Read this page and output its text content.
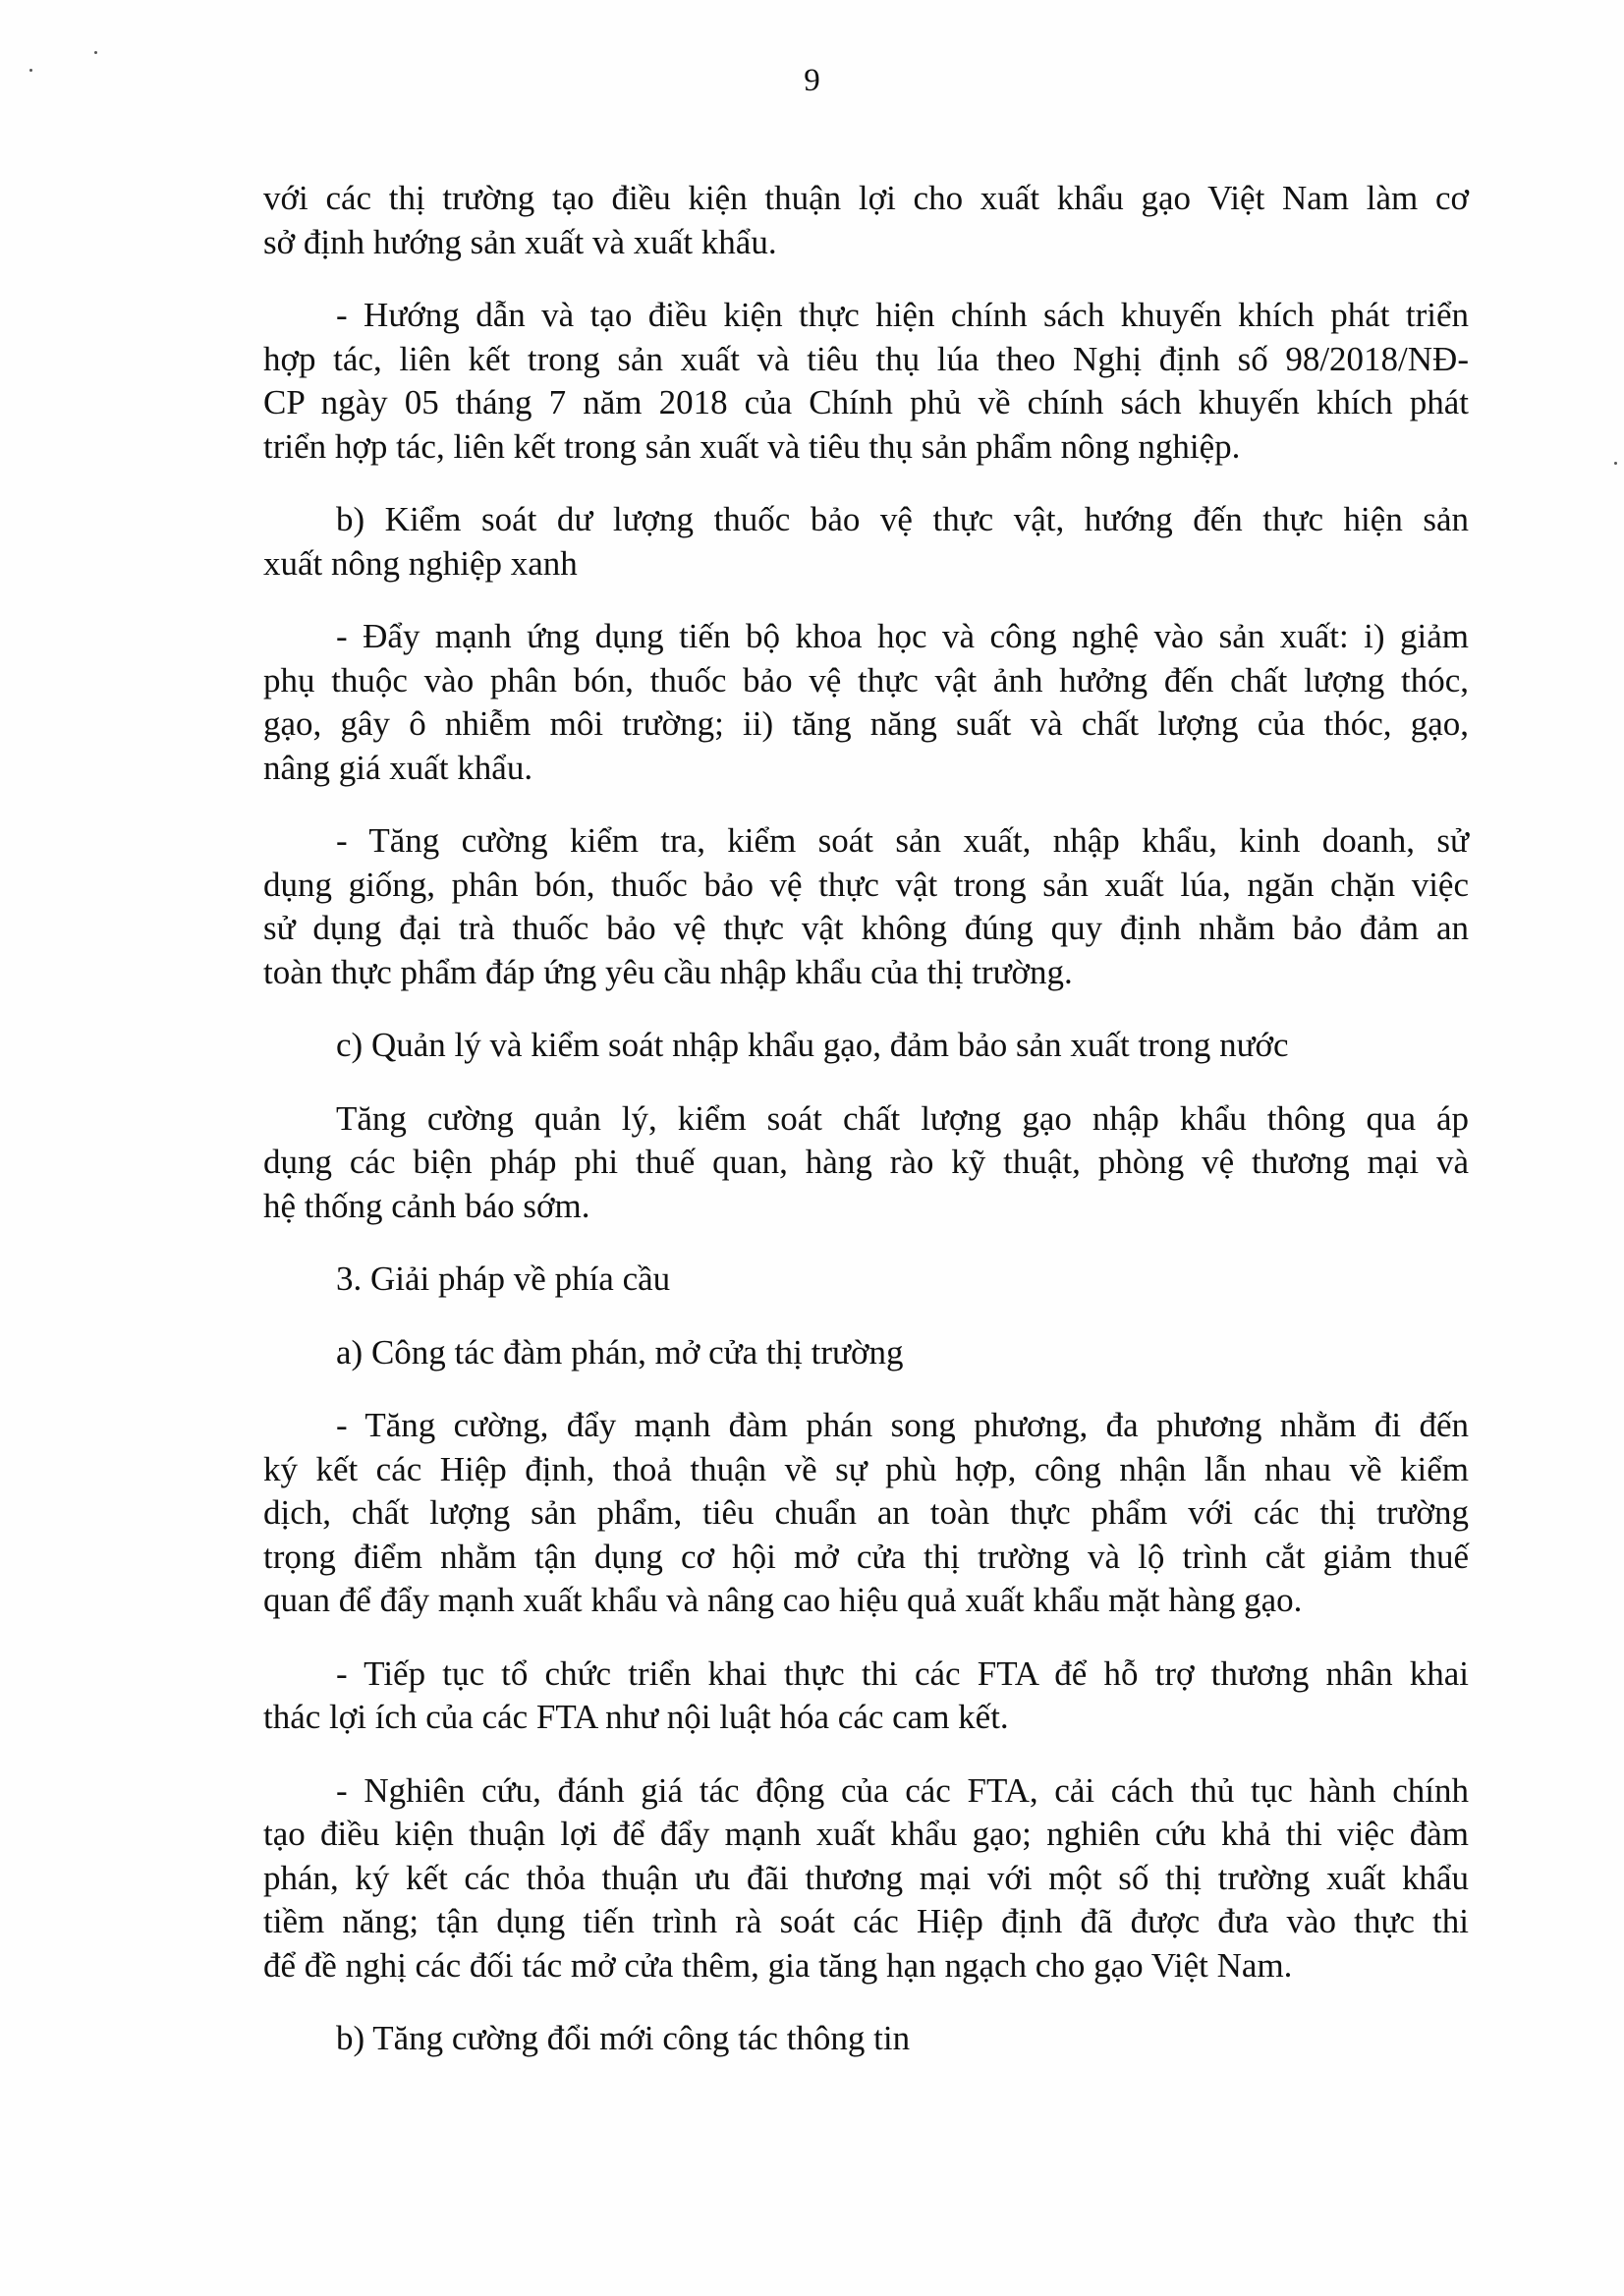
9

với các thị trường tạo điều kiện thuận lợi cho xuất khẩu gạo Việt Nam làm cơ
sở định hướng sản xuất và xuất khẩu.

- Hướng dẫn và tạo điều kiện thực hiện chính sách khuyến khích phát triển
hợp tác, liên kết trong sản xuất và tiêu thụ lúa theo Nghị định số 98/2018/NĐ-
CP ngày 05 tháng 7 năm 2018 của Chính phủ về chính sách khuyến khích phát
triển hợp tác, liên kết trong sản xuất và tiêu thụ sản phẩm nông nghiệp.

b) Kiểm soát dư lượng thuốc bảo vệ thực vật, hướng đến thực hiện sản
xuất nông nghiệp xanh

- Đẩy mạnh ứng dụng tiến bộ khoa học và công nghệ vào sản xuất: i) giảm
phụ thuộc vào phân bón, thuốc bảo vệ thực vật ảnh hưởng đến chất lượng thóc,
gạo, gây ô nhiễm môi trường; ii) tăng năng suất và chất lượng của thóc, gạo,
nâng giá xuất khẩu.

- Tăng cường kiểm tra, kiểm soát sản xuất, nhập khẩu, kinh doanh, sử
dụng giống, phân bón, thuốc bảo vệ thực vật trong sản xuất lúa, ngăn chặn việc
sử dụng đại trà thuốc bảo vệ thực vật không đúng quy định nhằm bảo đảm an
toàn thực phẩm đáp ứng yêu cầu nhập khẩu của thị trường.

c) Quản lý và kiểm soát nhập khẩu gạo, đảm bảo sản xuất trong nước

Tăng cường quản lý, kiểm soát chất lượng gạo nhập khẩu thông qua áp
dụng các biện pháp phi thuế quan, hàng rào kỹ thuật, phòng vệ thương mại và
hệ thống cảnh báo sớm.

3. Giải pháp về phía cầu

a) Công tác đàm phán, mở cửa thị trường

- Tăng cường, đẩy mạnh đàm phán song phương, đa phương nhằm đi đến
ký kết các Hiệp định, thoả thuận về sự phù hợp, công nhận lẫn nhau về kiểm
dịch, chất lượng sản phẩm, tiêu chuẩn an toàn thực phẩm với các thị trường
trọng điểm nhằm tận dụng cơ hội mở cửa thị trường và lộ trình cắt giảm thuế
quan để đẩy mạnh xuất khẩu và nâng cao hiệu quả xuất khẩu mặt hàng gạo.

- Tiếp tục tổ chức triển khai thực thi các FTA để hỗ trợ thương nhân khai
thác lợi ích của các FTA như nội luật hóa các cam kết.

- Nghiên cứu, đánh giá tác động của các FTA, cải cách thủ tục hành chính
tạo điều kiện thuận lợi để đẩy mạnh xuất khẩu gạo; nghiên cứu khả thi việc đàm
phán, ký kết các thỏa thuận ưu đãi thương mại với một số thị trường xuất khẩu
tiềm năng; tận dụng tiến trình rà soát các Hiệp định đã được đưa vào thực thi
để đề nghị các đối tác mở cửa thêm, gia tăng hạn ngạch cho gạo Việt Nam.

b) Tăng cường đổi mới công tác thông tin
